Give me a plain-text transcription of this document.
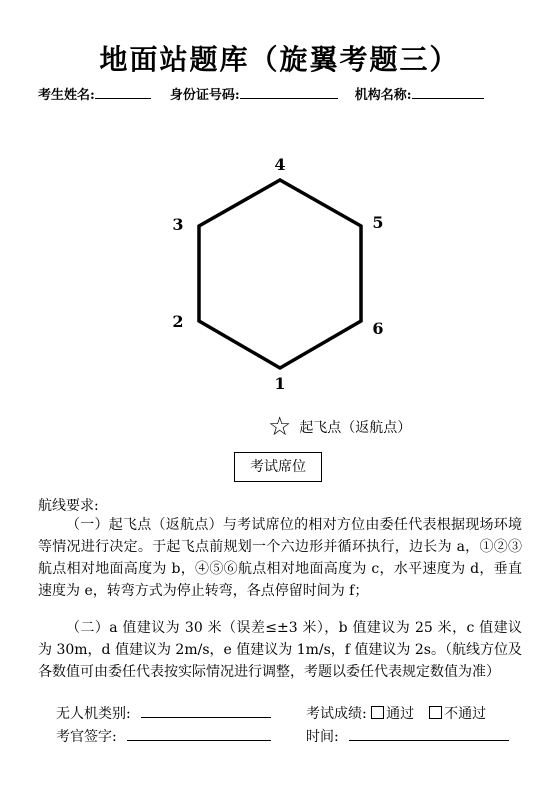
地面站题库（旋翼考题三）
考生姓名:	身份证号码:	机构名称:
1
2
3
4
5
6
☆ 起飞点（返航点）
考试席位
航线要求:

（一）起飞点（返航点）与考试席位的相对方位由委任代表根据现场环境等情况进行决定。于起飞点前规划一个六边形并循环执行，边长为 a，①②③航点相对地面高度为 b，④⑤⑥航点相对地面高度为 c，水平速度为 d，垂直速度为 e，转弯方式为停止转弯，各点停留时间为 f；

（二）a 值建议为 30 米（误差≤±3 米），b 值建议为 25 米，c 值建议为 30m，d 值建议为 2m/s，e 值建议为 1m/s，f 值建议为 2s。（航线方位及各数值可由委任代表按实际情况进行调整，考题以委任代表规定数值为准）

无人机类别:	考试成绩: 通过 不通过
考官签字:	时间:
